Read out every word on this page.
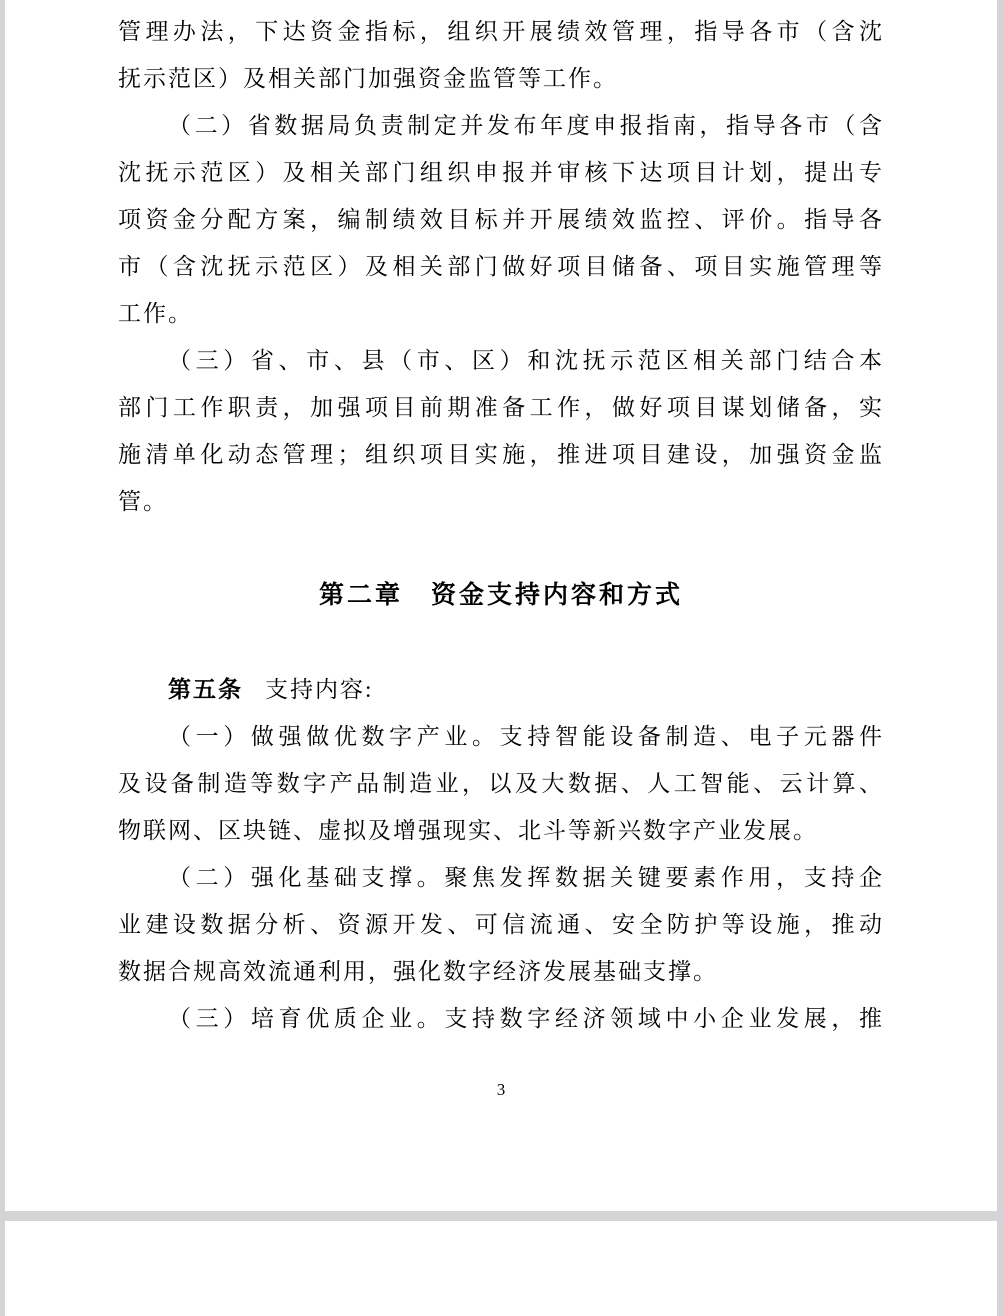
管理办法，下达资金指标，组织开展绩效管理，指导各市（含沈
抚示范区）及相关部门加强资金监管等工作。
（二）省数据局负责制定并发布年度申报指南，指导各市（含
沈抚示范区）及相关部门组织申报并审核下达项目计划，提出专
项资金分配方案，编制绩效目标并开展绩效监控、评价。指导各
市（含沈抚示范区）及相关部门做好项目储备、项目实施管理等
工作。
（三）省、市、县（市、区）和沈抚示范区相关部门结合本
部门工作职责，加强项目前期准备工作，做好项目谋划储备，实
施清单化动态管理；组织项目实施，推进项目建设，加强资金监
管。
第二章　资金支持内容和方式
第五条 支持内容:
（一）做强做优数字产业。支持智能设备制造、电子元器件
及设备制造等数字产品制造业，以及大数据、人工智能、云计算、
物联网、区块链、虚拟及增强现实、北斗等新兴数字产业发展。
（二）强化基础支撑。聚焦发挥数据关键要素作用，支持企
业建设数据分析、资源开发、可信流通、安全防护等设施，推动
数据合规高效流通利用，强化数字经济发展基础支撑。
（三）培育优质企业。支持数字经济领域中小企业发展，推
3
